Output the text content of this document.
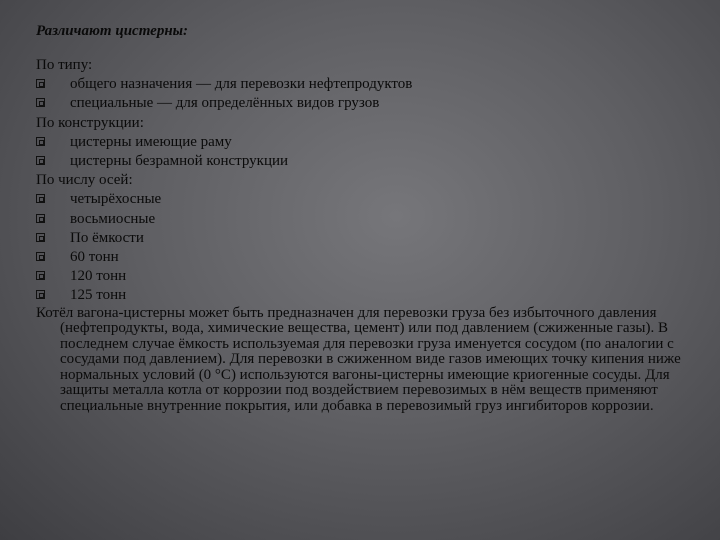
Различают цистерны:
По типу:
общего назначения — для перевозки нефтепродуктов
специальные — для определённых видов грузов
По конструкции:
цистерны имеющие раму
цистерны безрамной конструкции
По числу осей:
четырёхосные
восьмиосные
По ёмкости
60 тонн
120 тонн
125 тонн
Котёл вагона-цистерны может быть предназначен для перевозки груза без избыточного давления (нефтепродукты, вода, химические вещества, цемент) или под давлением (сжиженные газы). В последнем случае ёмкость используемая для перевозки груза именуется сосудом (по аналогии с сосудами под давлением). Для перевозки в сжиженном виде газов имеющих точку кипения ниже нормальных условий (0 °C) используются вагоны-цистерны имеющие криогенные сосуды. Для защиты металла котла от коррозии под воздействием перевозимых в нём веществ применяют специальные внутренние покрытия, или добавка в перевозимый груз ингибиторов коррозии.
